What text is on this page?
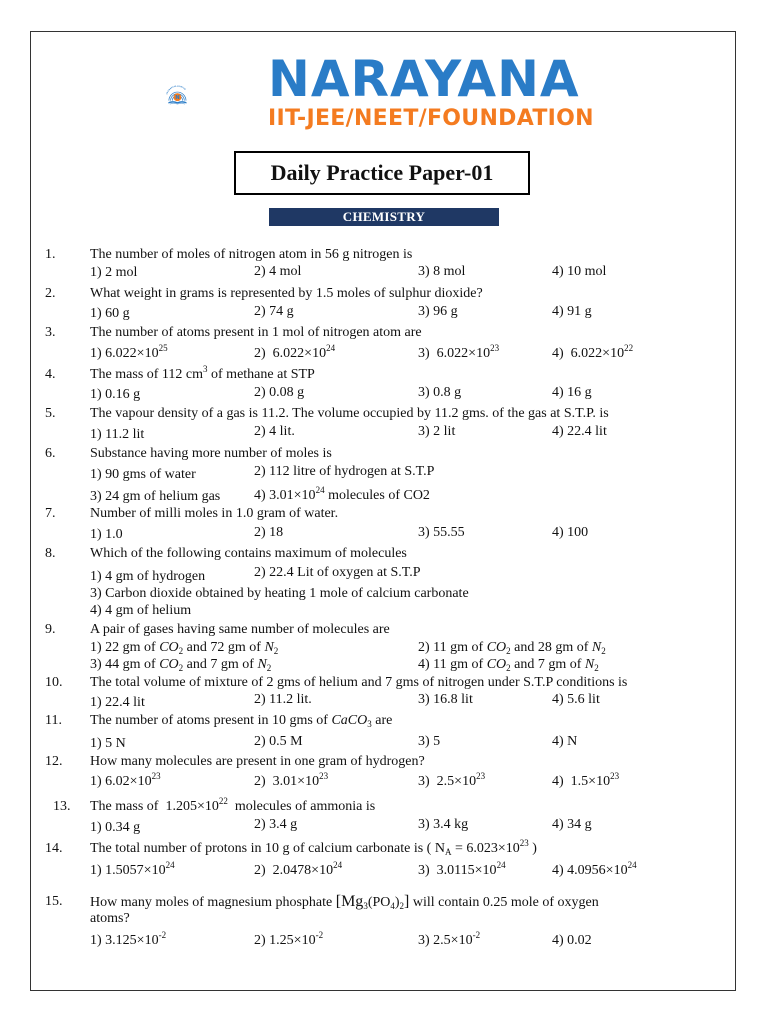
SRAMAYEVA JAYATHE
N NARAYANA
IIT-JEE/NEET/FOUNDATION
Daily Practice Paper-01
CHEMISTRY
1. The number of moles of nitrogen atom in 56 g nitrogen is
1) 2 mol	2) 4 mol	3) 8 mol	4) 10 mol
2. What weight in grams is represented by 1.5 moles of sulphur dioxide?
1) 60 g	2) 74 g	3) 96 g	4) 91 g
3. The number of atoms present in 1 mol of nitrogen atom are
1) $6.022\times 10^{25}$	2) $6.022\times 10^{24}$	3) $6.022\times 10^{23}$	4) $6.022\times 10^{22}$
4. The mass of 112 $cm^3$ of methane at STP
1) 0.16 g	2) 0.08 g	3) 0.8 g	4) 16 g
5. The vapour density of a gas is 11.2. The volume occupied by 11.2 gms. of the gas at S.T.P. is
1) 11.2 lit	2) 4 lit.	3) 2 lit	4) 22.4 lit
6. Substance having more number of moles is
1) 90 gms of water	2) 112 litre of hydrogen at S.T.P
3) 24 gm of helium gas 4) $3.01\times 10^{24}$ molecules of CO2
7. Number of milli moles in 1.0 gram of water.
1) 1.0	2) 18	3) 55.55	4) 100
8. Which of the following contains maximum of molecules
1) 4 gm of hydrogen	2) 22.4 Lit of oxygen at S.T.P
3) Carbon dioxide obtained by heating 1 mole of calcium carbonate
4) 4 gm of helium
9. A pair of gases having same number of molecules are
1) 22 gm of $CO_2$ and 72 gm of $N_2$	2) 11 gm of $CO_2$ and 28 gm of $N_2$
3) 44 gm of $CO_2$ and 7 gm of $N_2$	4) 11 gm of $CO_2$ and 7 gm of $N_2$
10. The total volume of mixture of 2 gms of helium and 7 gms of nitrogen under S.T.P conditions is
1) 22.4 lit	2) 11.2 lit.	3) 16.8 lit	4) 5.6 lit
11. The number of atoms present in 10 gms of CaCO$_3$ are
1) 5 N	2) 0.5 M	3) 5	4) N
12. How many molecules are present in one gram of hydrogen?
1) $6.02\times 10^{23}$	2) $3.01\times 10^{23}$	3) $2.5\times 10^{23}$	4) $1.5\times 10^{23}$
13. The mass of $1.205\times 10^{22}$ molecules of ammonia is
1) 0.34 g	2) 3.4 g	3) 3.4 kg	4) 34 g
14. The total number of protons in 10 g of calcium carbonate is ( $N_A = 6.023\times 10^{23}$ )
1) $1.5057\times 10^{24}$	2) $2.0478\times 10^{24}$	3) $3.0115\times 10^{24}$	4) $4.0956\times 10^{24}$
15. How many moles of magnesium phosphate $[Mg_3(PO_4)_2]$ will contain 0.25 mole of oxygen
atoms?
1) $3.125\times 10^{-2}$	2) $1.25\times 10^{-2}$	3) $2.5\times 10^{-2}$	4) 0.02
